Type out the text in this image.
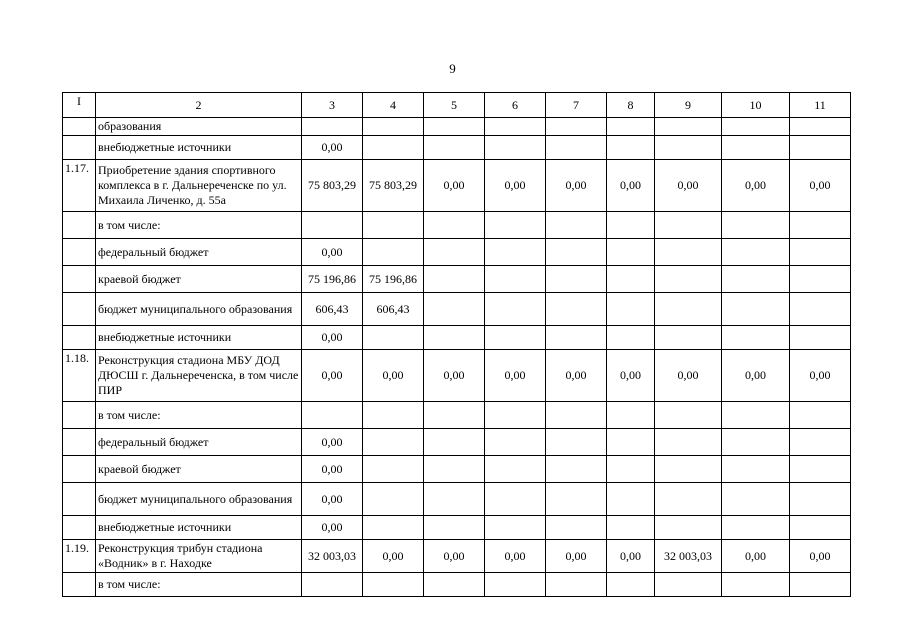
9
I	2	3	4	5	6	7	8	9	10	11
	образования									
	внебюджетные источники	0,00								
1.17.	Приобретение здания спортивного комплекса в г. Дальнереченске по ул. Михаила Личенко, д. 55а	75 803,29	75 803,29	0,00	0,00	0,00	0,00	0,00	0,00	0,00
	в том числе:									
	федеральный бюджет	0,00								
	краевой бюджет	75 196,86	75 196,86							
	бюджет муниципального образования	606,43	606,43							
	внебюджетные источники	0,00								
1.18.	Реконструкция стадиона МБУ ДОД ДЮСШ г. Дальнереченска, в том числе ПИР	0,00	0,00	0,00	0,00	0,00	0,00	0,00	0,00	0,00
	в том числе:									
	федеральный бюджет	0,00								
	краевой бюджет	0,00								
	бюджет муниципального образования	0,00								
	внебюджетные источники	0,00								
1.19.	Реконструкция трибун стадиона «Водник» в г. Находке	32 003,03	0,00	0,00	0,00	0,00	0,00	32 003,03	0,00	0,00
	в том числе:									
